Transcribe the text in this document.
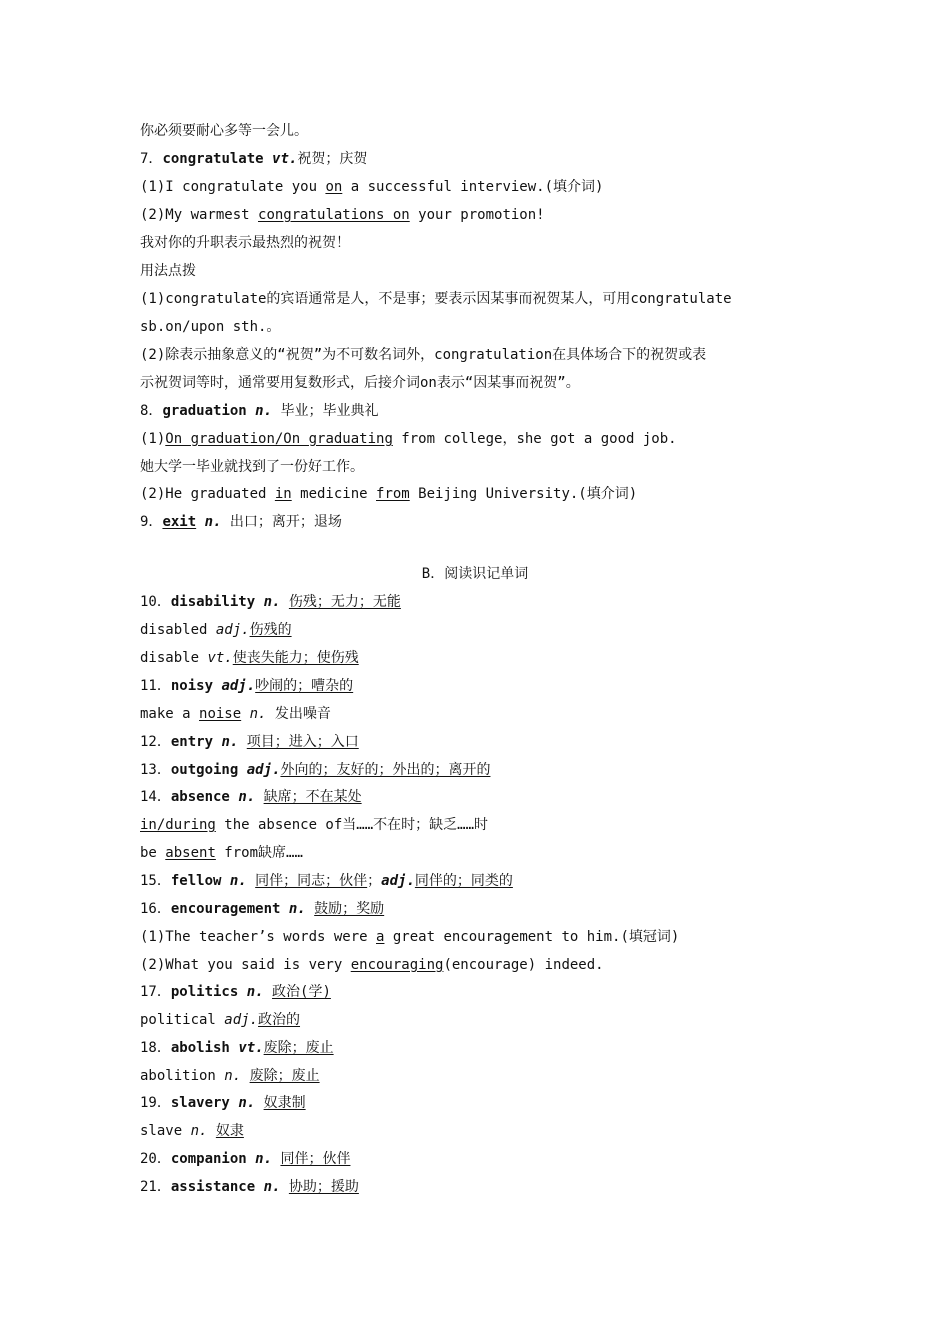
你必须要耐心多等一会儿。
7．congratulate vt.祝贺；庆贺
(1)I congratulate you on a successful interview.(填介词)
(2)My warmest congratulations on your promotion!
我对你的升职表示最热烈的祝贺！
用法点拨
(1)congratulate的宾语通常是人，不是事；要表示因某事而祝贺某人，可用congratulate
sb.on/upon sth.。
(2)除表示抽象意义的“祝贺”为不可数名词外，congratulation在具体场合下的祝贺或表
示祝贺词等时，通常要用复数形式，后接介词on表示“因某事而祝贺”。
8．graduation n. 毕业；毕业典礼
(1)On graduation/On graduating from college，she got a good job.
她大学一毕业就找到了一份好工作。
(2)He graduated in medicine from Beijing University.(填介词)
9．exit n. 出口；离开；退场
B．阅读识记单词
10．disability n. 伤残；无力；无能
disabled adj.伤残的
disable vt.使丧失能力；使伤残
11．noisy adj.吵闹的；嘈杂的
make a noise n. 发出噪音
12．entry n. 项目；进入；入口
13．outgoing adj.外向的；友好的；外出的；离开的
14．absence n. 缺席；不在某处
in/during the absence of当……不在时；缺乏……时
be absent from缺席……
15．fellow n. 同伴；同志；伙伴；adj.同伴的；同类的
16．encouragement n. 鼓励；奖励
(1)The teacher’s words were a great encouragement to him.(填冠词)
(2)What you said is very encouraging(encourage) indeed.
17．politics n. 政治(学)
political adj.政治的
18．abolish vt.废除；废止
abolition n. 废除；废止
19．slavery n. 奴隶制
slave n. 奴隶
20．companion n. 同伴；伙伴
21．assistance n. 协助；援助
